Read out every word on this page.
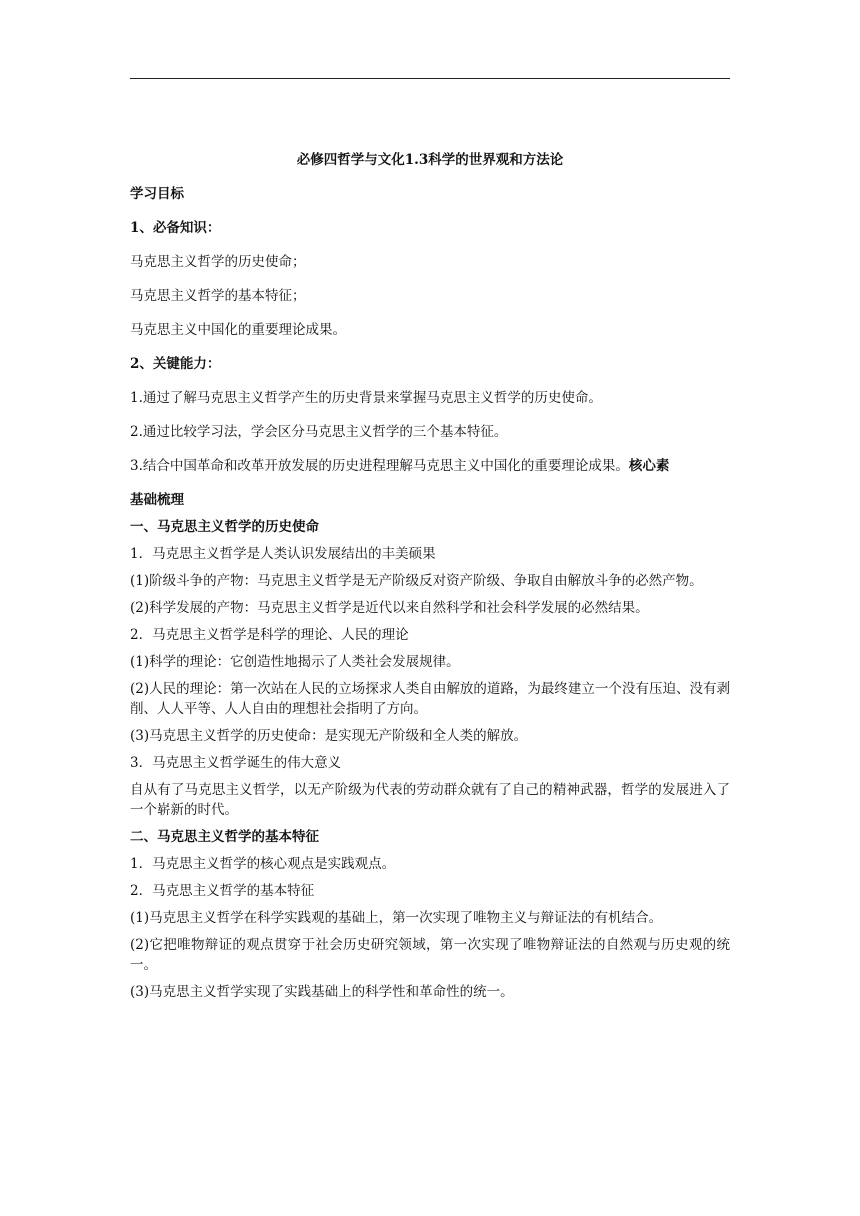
必修四哲学与文化1.3科学的世界观和方法论

学习目标

1、必备知识：

马克思主义哲学的历史使命；

马克思主义哲学的基本特征；

马克思主义中国化的重要理论成果。

2、关键能力：

1.通过了解马克思主义哲学产生的历史背景来掌握马克思主义哲学的历史使命。

2.通过比较学习法，学会区分马克思主义哲学的三个基本特征。

3.结合中国革命和改革开放发展的历史进程理解马克思主义中国化的重要理论成果。核心素

基础梳理

一、马克思主义哲学的历史使命

1．马克思主义哲学是人类认识发展结出的丰美硕果

(1)阶级斗争的产物：马克思主义哲学是无产阶级反对资产阶级、争取自由解放斗争的必然产物。

(2)科学发展的产物：马克思主义哲学是近代以来自然科学和社会科学发展的必然结果。

2．马克思主义哲学是科学的理论、人民的理论

(1)科学的理论：它创造性地揭示了人类社会发展规律。

(2)人民的理论：第一次站在人民的立场探求人类自由解放的道路，为最终建立一个没有压迫、没有剥削、人人平等、人人自由的理想社会指明了方向。

(3)马克思主义哲学的历史使命：是实现无产阶级和全人类的解放。

3．马克思主义哲学诞生的伟大意义

自从有了马克思主义哲学，以无产阶级为代表的劳动群众就有了自己的精神武器，哲学的发展进入了一个崭新的时代。

二、马克思主义哲学的基本特征

1．马克思主义哲学的核心观点是实践观点。

2．马克思主义哲学的基本特征

(1)马克思主义哲学在科学实践观的基础上，第一次实现了唯物主义与辩证法的有机结合。

(2)它把唯物辩证的观点贯穿于社会历史研究领域，第一次实现了唯物辩证法的自然观与历史观的统一。

(3)马克思主义哲学实现了实践基础上的科学性和革命性的统一。
